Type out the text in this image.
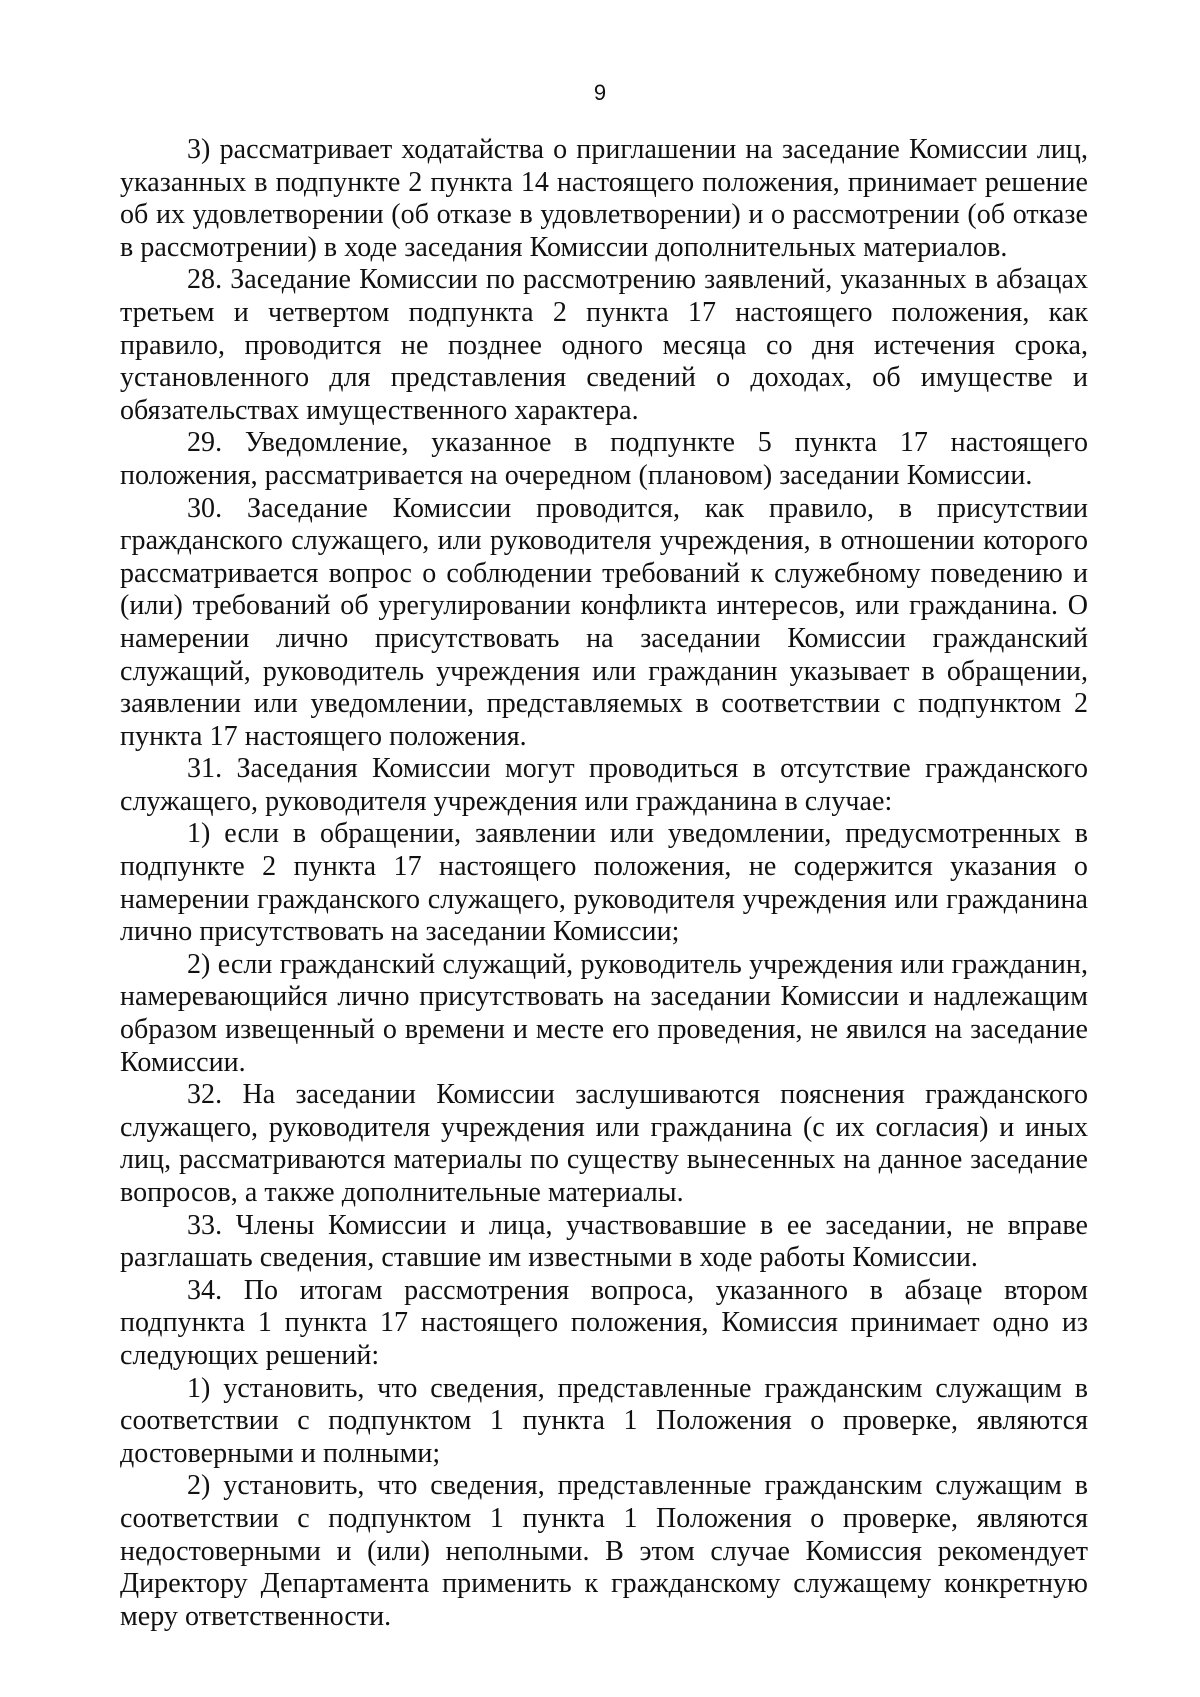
9

3) рассматривает ходатайства о приглашении на заседание Комиссии лиц, указанных в подпункте 2 пункта 14 настоящего положения, принимает решение об их удовлетворении (об отказе в удовлетворении) и о рассмотрении (об отказе в рассмотрении) в ходе заседания Комиссии дополнительных материалов.

28. Заседание Комиссии по рассмотрению заявлений, указанных в абзацах третьем и четвертом подпункта 2 пункта 17 настоящего положения, как правило, проводится не позднее одного месяца со дня истечения срока, установленного для представления сведений о доходах, об имуществе и обязательствах имущественного характера.

29. Уведомление, указанное в подпункте 5 пункта 17 настоящего положения, рассматривается на очередном (плановом) заседании Комиссии.

30. Заседание Комиссии проводится, как правило, в присутствии гражданского служащего, или руководителя учреждения, в отношении которого рассматривается вопрос о соблюдении требований к служебному поведению и (или) требований об урегулировании конфликта интересов, или гражданина. О намерении лично присутствовать на заседании Комиссии гражданский служащий, руководитель учреждения или гражданин указывает в обращении, заявлении или уведомлении, представляемых в соответствии с подпунктом 2 пункта 17 настоящего положения.

31. Заседания Комиссии могут проводиться в отсутствие гражданского служащего, руководителя учреждения или гражданина в случае:

1) если в обращении, заявлении или уведомлении, предусмотренных в подпункте 2 пункта 17 настоящего положения, не содержится указания о намерении гражданского служащего, руководителя учреждения или гражданина лично присутствовать на заседании Комиссии;

2) если гражданский служащий, руководитель учреждения или гражданин, намеревающийся лично присутствовать на заседании Комиссии и надлежащим образом извещенный о времени и месте его проведения, не явился на заседание Комиссии.

32. На заседании Комиссии заслушиваются пояснения гражданского служащего, руководителя учреждения или гражданина (с их согласия) и иных лиц, рассматриваются материалы по существу вынесенных на данное заседание вопросов, а также дополнительные материалы.

33. Члены Комиссии и лица, участвовавшие в ее заседании, не вправе разглашать сведения, ставшие им известными в ходе работы Комиссии.

34. По итогам рассмотрения вопроса, указанного в абзаце втором подпункта 1 пункта 17 настоящего положения, Комиссия принимает одно из следующих решений:

1) установить, что сведения, представленные гражданским служащим в соответствии с подпунктом 1 пункта 1 Положения о проверке, являются достоверными и полными;

2) установить, что сведения, представленные гражданским служащим в соответствии с подпунктом 1 пункта 1 Положения о проверке, являются недостоверными и (или) неполными. В этом случае Комиссия рекомендует Директору Департамента применить к гражданскому служащему конкретную меру ответственности.
